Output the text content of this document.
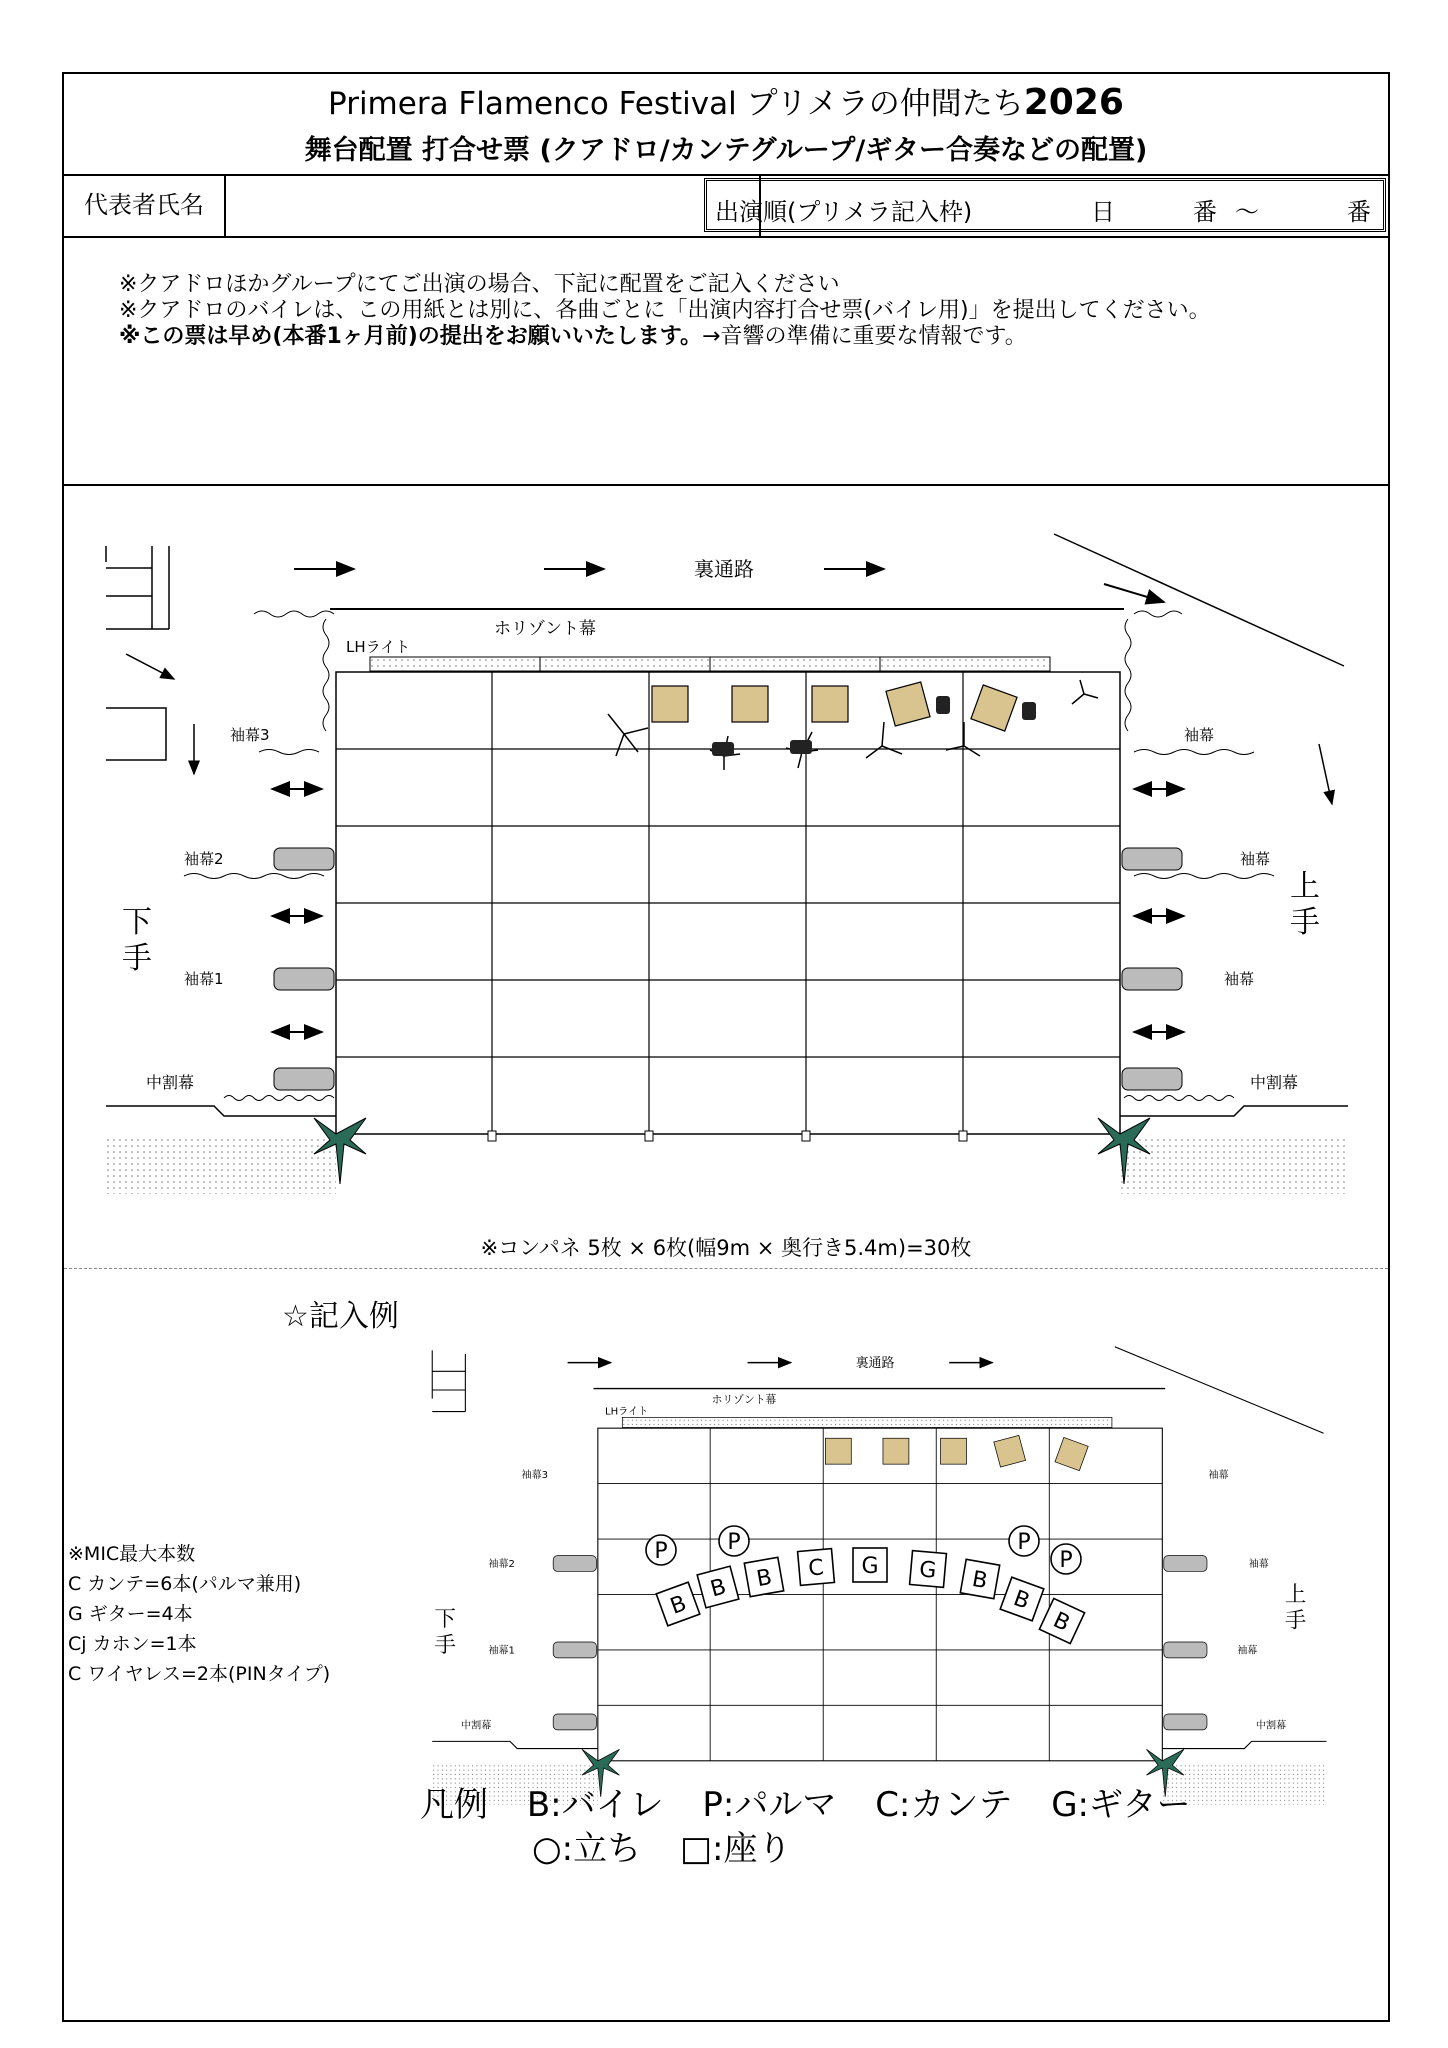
Primera Flamenco Festival プリメラの仲間たち2026
舞台配置 打合せ票 (クアドロ/カンテグループ/ギター合奏などの配置)
代表者氏名	出演順(プリメラ記入枠)	日	番 〜	番
※クアドロほかグループにてご出演の場合、下記に配置をご記入ください
※クアドロのバイレは、この用紙とは別に、各曲ごとに「出演内容打合せ票(バイレ用)」を提出してください。
※この票は早め(本番1ヶ月前)の提出をお願いいたします。→音響の準備に重要な情報です。
裏通路
ホリゾント幕
LHライト
袖幕3
袖幕2
下
手
袖幕1
中割幕
袖幕
袖幕
上
手
袖幕
中割幕
※コンパネ 5枚 × 6枚(幅9m × 奥行き5.4m)=30枚
☆記入例
※MIC最大本数
C カンテ=6本(パルマ兼用)
G ギター=4本
Cj カホン=1本
C ワイヤレス=2本(PINタイプ)
裏通路
ホリゾント幕
LHライト
袖幕3
袖幕2
下
手 袖幕1
中割幕
袖幕
袖幕
上
手
袖幕
中割幕
P
B
B
P
B C G G B
P
B
P
B
凡例 B:バイレ P:パルマ C:カンテ G:ギター
○:立ち □:座り
